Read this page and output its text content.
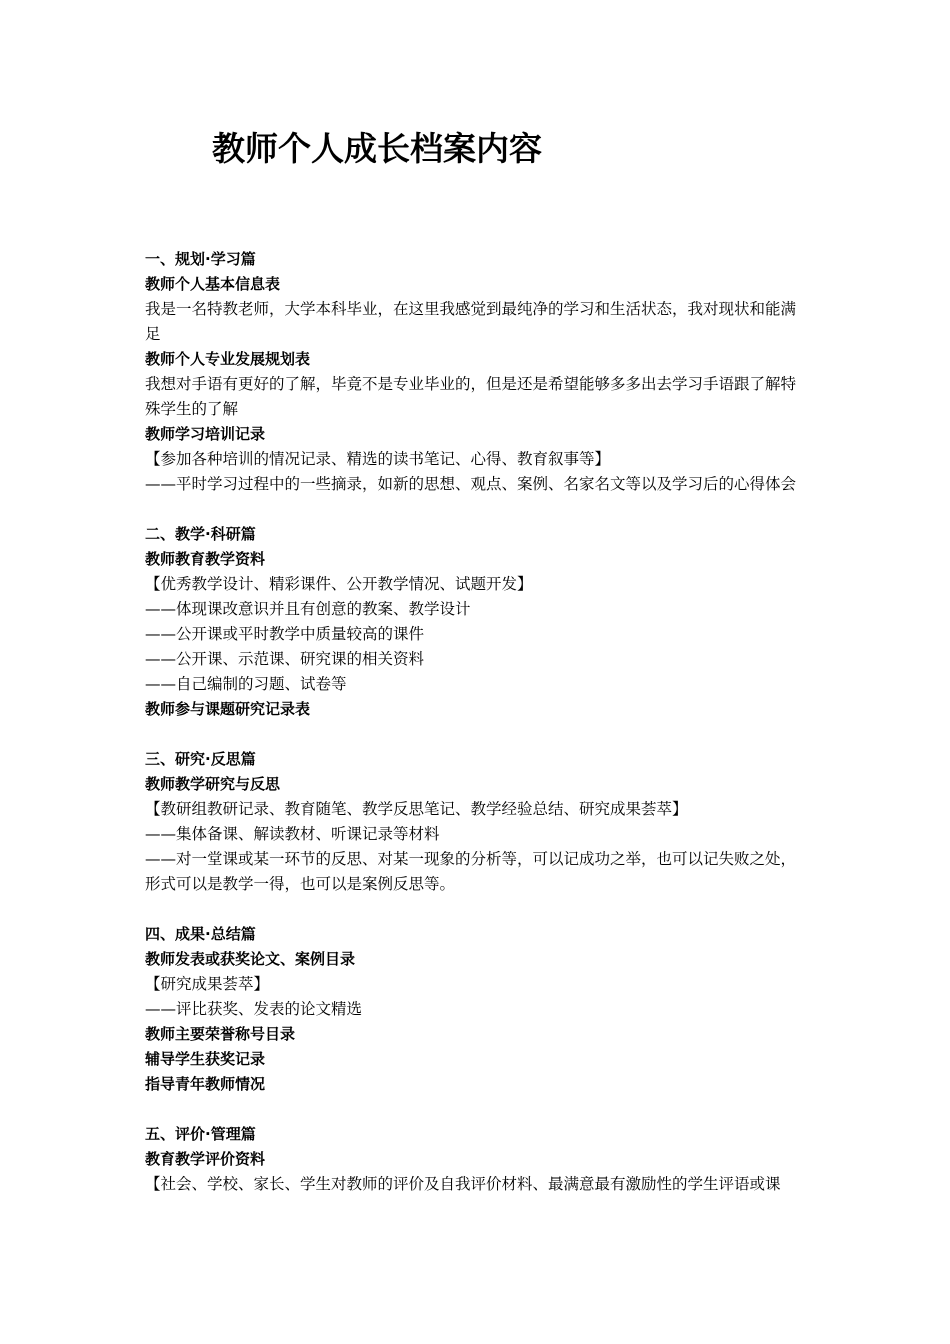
教师个人成长档案内容

一、规划·学习篇

教师个人基本信息表

我是一名特教老师，大学本科毕业，在这里我感觉到最纯净的学习和生活状态，我对现状和能满足

教师个人专业发展规划表

我想对手语有更好的了解，毕竟不是专业毕业的，但是还是希望能够多多出去学习手语跟了解特殊学生的了解

教师学习培训记录

【参加各种培训的情况记录、精选的读书笔记、心得、教育叙事等】

——平时学习过程中的一些摘录，如新的思想、观点、案例、名家名文等以及学习后的心得体会

二、教学·科研篇

教师教育教学资料

【优秀教学设计、精彩课件、公开教学情况、试题开发】

——体现课改意识并且有创意的教案、教学设计

——公开课或平时教学中质量较高的课件

——公开课、示范课、研究课的相关资料

——自己编制的习题、试卷等

教师参与课题研究记录表

三、研究·反思篇

教师教学研究与反思

【教研组教研记录、教育随笔、教学反思笔记、教学经验总结、研究成果荟萃】

——集体备课、解读教材、听课记录等材料

——对一堂课或某一环节的反思、对某一现象的分析等，可以记成功之举，也可以记失败之处，形式可以是教学一得，也可以是案例反思等。

四、成果·总结篇

教师发表或获奖论文、案例目录

【研究成果荟萃】

——评比获奖、发表的论文精选

教师主要荣誉称号目录

辅导学生获奖记录

指导青年教师情况

五、评价·管理篇

教育教学评价资料

【社会、学校、家长、学生对教师的评价及自我评价材料、最满意最有激励性的学生评语或课
